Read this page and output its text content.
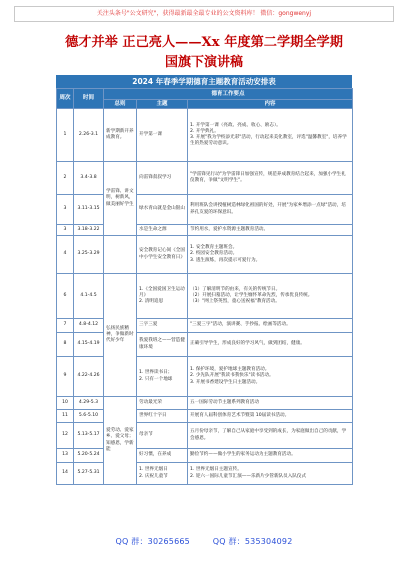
关注头条号"公文研究"，获得最新最全最专业的公文资料库！ 微信：gongwenyj
德才并举 正己亮人——Xx 年度第二学期全学期
国旗下演讲稿
2024 年春季学期德育主题教育活动安排表
周次	时间	德育工作要点		
		总则	主题	内容
1	2.26-3.1	新学期新开养成教育。	开学第一课	1. 开学第一课（亮政、亮成、收心、励志）。
2. 开学典礼。
3. 开展"我为学校添光彩"活动，行动起来美化教室，评选"温馨教室"，培养学生的热爱劳动意识。
2	3.4-3.8	学雷锋、讲文明，树新风，做美丽好学生	向雷锋叔叔学习	"学雷锋见行动"为学雷锋日加强宣传，规范养成教育结合起来，加强小学生礼仪教育，争做"文明学生"。
3	3.11-3.15		绿水青山就是金山银山	利用班队会讲授植树造林绿化祖国的好处，开展"为家乡增添一点绿"活动，培养孔友爱的环保意识。
3	3.18-3.22		水是生命之源	节约用水，爱护水资源主题教育活动。
4	3.25-3.29		安全教育记心间《全国中小学生安全教育日》	1. 安全教育主题班会。
2. 校园安全教育活动。
3. 逃生演练，再次提示可爱行为。
6	4.1-4.5	弘扬民族精神，争做新时代好少年	1.《全国爱国卫生运动月》
2. 清明追思	（1）了解清明节的由来，有关的传统节日。
（2）开展扫墓活动，让学生缅怀革命先烈，传承优良传统。
（3）"网上祭英烈，童心送祝福"教育活动。
7	4.8-4.12		三字三爱	"三爱三字"活动，演讲赛、手抄报、绘画等活动。
8	4.15-4.19		我爱我班之——营造健康环境	正确引导学生，形成良好的学习风气，做到团结，健康。
9	4.22-4.26		1. 世界读书日；
2. 只有一个地球	1. 保护环境，爱护地球主题教育活动。
2. 少先队开展"我读书我快乐"读书活动。
3. 开展书香建设学生日主题活动。
10	4.29-5.3	爱劳动、爱家乡、爱父母；知感恩，学新能	劳动最光荣	五一国际劳动节主题系列教育活动
11	5.6-5.10		世界红十字日	开展育人届科创体育艺术节暨第 10届读书活动。
12	5.13-5.17		母亲节	五月份母亲节，了解自己从家庭中享受到的成长，为家庭做出自己的贡献，学会感恩。
13	5.20-5.24		好习惯，在养成	勤俭节约——做小学生的家务运动为主题教育活动。
14	5.27-5.31		1. 世界无烟日
2. 庆祝儿童节	1. 世界无烟日主题宣传。
2. 迎六一国际儿童节汇演——乐新片少管新队员入队仪式
QQ 群：30265665	QQ 群：535304092
